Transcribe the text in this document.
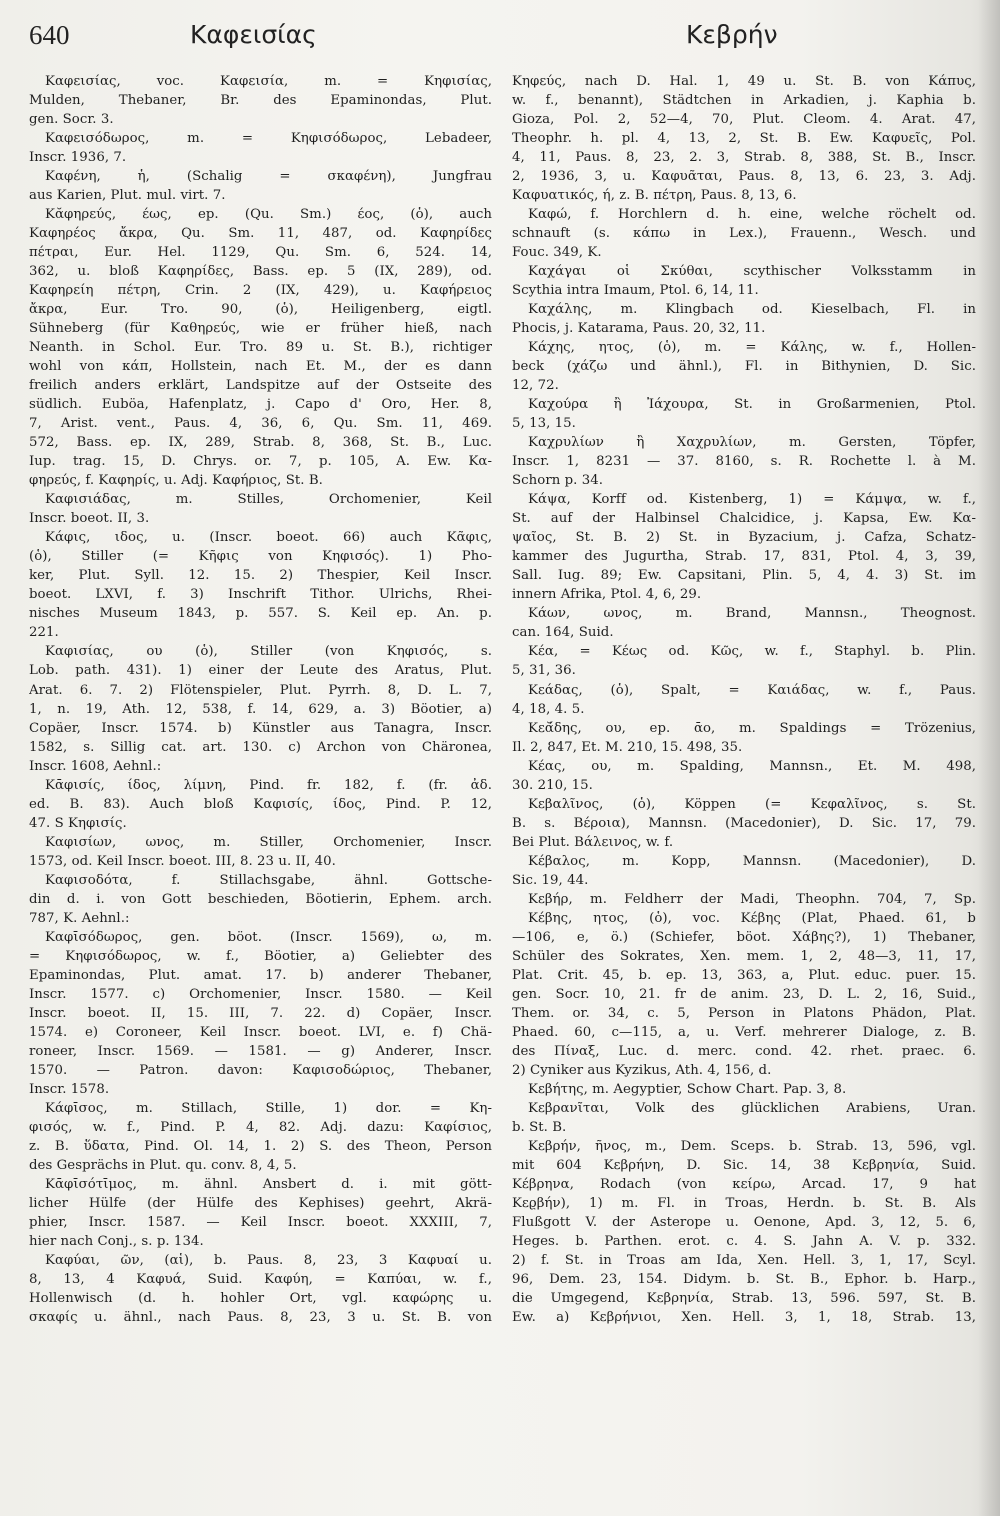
640	Καφεισίας	Κεβρήν
Καφεισίας, voc. Καφεισία, m. = Κηφισίας,
Mulden, Thebaner, Br. des Epaminondas, Plut.
gen. Socr. 3.
Καφεισόδωρος, m. = Κηφισόδωρος, Lebadeer,
Inscr. 1936, 7.
Καφένη, ἡ, (Schalig = σκαφένη), Jungfrau
aus Karien, Plut. mul. virt. 7.
Κᾰφηρεύς, έως, ep. (Qu. Sm.) έος, (ὁ), auch
Καφηρέος ἄκρα, Qu. Sm. 11, 487, od. Καφηρίδες
πέτραι, Eur. Hel. 1129, Qu. Sm. 6, 524. 14,
362, u. bloß Καφηρίδες, Bass. ep. 5 (IX, 289), od.
Καφηρείη πέτρη, Crin. 2 (IX, 429), u. Καφήρειος
ἄκρα, Eur. Tro. 90, (ὁ), Heiligenberg, eigtl.
Sühneberg (für Καθηρεύς, wie er früher hieß, nach
Neanth. in Schol. Eur. Tro. 89 u. St. B.), richtiger
wohl von κάπ, Hollstein, nach Et. M., der es dann
freilich anders erklärt, Landspitze auf der Ostseite des
südlich. Euböa, Hafenplatz, j. Capo d' Oro, Her. 8,
7, Arist. vent., Paus. 4, 36, 6, Qu. Sm. 11, 469.
572, Bass. ep. IX, 289, Strab. 8, 368, St. B., Luc.
Iup. trag. 15, D. Chrys. or. 7, p. 105, A. Ew. Κα-
φηρεύς, f. Καφηρίς, u. Adj. Καφήριος, St. B.
Καφισιάδας, m. Stilles, Orchomenier, Keil
Inscr. boeot. II, 3.
Κάφις, ιδος, u. (Inscr. boeot. 66) auch Κᾶφις,
(ὁ), Stiller (= Κῆφις von Κηφισός). 1) Pho-
ker, Plut. Syll. 12. 15. 2) Thespier, Keil Inscr.
boeot. LXVI, f. 3) Inschrift Tithor. Ulrichs, Rhei-
nisches Museum 1843, p. 557. S. Keil ep. An. p.
221.
Καφισίας, ου (ὁ), Stiller (von Κηφισός, s.
Lob. path. 431). 1) einer der Leute des Aratus, Plut.
Arat. 6. 7. 2) Flötenspieler, Plut. Pyrrh. 8, D. L. 7,
1, n. 19, Ath. 12, 538, f. 14, 629, a. 3) Böotier, a)
Copäer, Inscr. 1574. b) Künstler aus Tanagra, Inscr.
1582, s. Sillig cat. art. 130. c) Archon von Chäronea,
Inscr. 1608, Aehnl.:
Κᾱφισίς, ίδος, λίμνη, Pind. fr. 182, f. (fr. ἀδ.
ed. B. 83). Auch bloß Καφισίς, ίδος, Pind. P. 12,
47. S Κηφισίς.
Καφισίων, ωνος, m. Stiller, Orchomenier, Inscr.
1573, od. Keil Inscr. boeot. III, 8. 23 u. II, 40.
Καφισοδότα, f. Stillachsgabe, ähnl. Gottsche-
din d. i. von Gott beschieden, Böotierin, Ephem. arch.
787, K. Aehnl.:
Καφῑσόδωρος, gen. böot. (Inscr. 1569), ω, m.
= Κηφισόδωρος, w. f., Böotier, a) Geliebter des
Epaminondas, Plut. amat. 17. b) anderer Thebaner,
Inscr. 1577. c) Orchomenier, Inscr. 1580. — Keil
Inscr. boeot. II, 15. III, 7. 22. d) Copäer, Inscr.
1574. e) Coroneer, Keil Inscr. boeot. LVI, e. f) Chä-
roneer, Inscr. 1569. — 1581. — g) Anderer, Inscr.
1570. — Patron. davon: Καφισοδώριος, Thebaner,
Inscr. 1578.
Κάφῑσος, m. Stillach, Stille, 1) dor. = Κη-
φισός, w. f., Pind. P. 4, 82. Adj. dazu: Καφίσιος,
z. B. ὕδατα, Pind. Ol. 14, 1. 2) S. des Theon, Person
des Gesprächs in Plut. qu. conv. 8, 4, 5.
Κᾱφῑσότῑμος, m. ähnl. Ansbert d. i. mit gött-
licher Hülfe (der Hülfe des Kephises) geehrt, Akrä-
phier, Inscr. 1587. — Keil Inscr. boeot. XXXIII, 7,
hier nach Conj., s. p. 134.
Καφύαι, ῶν, (αἱ), b. Paus. 8, 23, 3 Καφυαί u.
8, 13, 4 Καφυά, Suid. Καφύη, = Καπύαι, w. f.,
Hollenwisch (d. h. hohler Ort, vgl. καφώρης u.
σκαφίς u. ähnl., nach Paus. 8, 23, 3 u. St. B. von
Κηφεύς, nach D. Hal. 1, 49 u. St. B. von Κάπυς,
w. f., benannt), Städtchen in Arkadien, j. Kaphia b.
Gioza, Pol. 2, 52—4, 70, Plut. Cleom. 4. Arat. 47,
Theophr. h. pl. 4, 13, 2, St. B. Ew. Καφυεῖς, Pol.
4, 11, Paus. 8, 23, 2. 3, Strab. 8, 388, St. B., Inscr.
2, 1936, 3, u. Καφυᾶται, Paus. 8, 13, 6. 23, 3. Adj.
Καφυατικός, ή, z. B. πέτρη, Paus. 8, 13, 6.
Καφώ, f. Horchlern d. h. eine, welche röchelt od.
schnauft (s. κάπω in Lex.), Frauenn., Wesch. und
Fouc. 349, K.
Καχάγαι οἱ Σκύθαι, scythischer Volksstamm in
Scythia intra Imaum, Ptol. 6, 14, 11.
Καχάλης, m. Klingbach od. Kieselbach, Fl. in
Phocis, j. Katarama, Paus. 20, 32, 11.
Κάχης, ητος, (ὁ), m. = Κάλης, w. f., Hollen-
beck (χάζω und ähnl.), Fl. in Bithynien, D. Sic.
12, 72.
Καχούρα ἢ Ἰάχουρα, St. in Großarmenien, Ptol.
5, 13, 15.
Καχρυλίων ἢ Χαχρυλίων, m. Gersten, Töpfer,
Inscr. 1, 8231 — 37. 8160, s. R. Rochette l. à M.
Schorn p. 34.
Κάψα, Korff od. Kistenberg, 1) = Κάμψα, w. f.,
St. auf der Halbinsel Chalcidice, j. Kapsa, Ew. Κα-
ψαῖος, St. B. 2) St. in Byzacium, j. Cafza, Schatz-
kammer des Jugurtha, Strab. 17, 831, Ptol. 4, 3, 39,
Sall. Iug. 89; Ew. Capsitani, Plin. 5, 4, 4. 3) St. im
innern Afrika, Ptol. 4, 6, 29.
Κάων, ωνος, m. Brand, Mannsn., Theognost.
can. 164, Suid.
Κέα, = Κέως od. Κῶς, w. f., Staphyl. b. Plin.
5, 31, 36.
Κεάδας, (ὁ), Spalt, = Καιάδας, w. f., Paus.
4, 18, 4. 5.
Κεᾰ́δης, ου, ep. ᾱο, m. Spaldings = Trözenius,
Il. 2, 847, Et. M. 210, 15. 498, 35.
Κέας, ου, m. Spalding, Mannsn., Et. M. 498,
30. 210, 15.
Κεβαλῖνος, (ὁ), Köppen (= Κεφαλῖνος, s. St.
B. s. Βέροια), Mannsn. (Macedonier), D. Sic. 17, 79.
Bei Plut. Βάλεινος, w. f.
Κέβαλος, m. Kopp, Mannsn. (Macedonier), D.
Sic. 19, 44.
Κεβήρ, m. Feldherr der Madi, Theophn. 704, 7, Sp.
Κέβης, ητος, (ὁ), voc. Κέβης (Plat, Phaed. 61, b
—106, e, ö.) (Schiefer, böot. Χάβης?), 1) Thebaner,
Schüler des Sokrates, Xen. mem. 1, 2, 48—3, 11, 17,
Plat. Crit. 45, b. ep. 13, 363, a, Plut. educ. puer. 15.
gen. Socr. 10, 21. fr de anim. 23, D. L. 2, 16, Suid.,
Them. or. 34, c. 5, Person in Platons Phädon, Plat.
Phaed. 60, c—115, a, u. Verf. mehrerer Dialoge, z. B.
des Πίναξ, Luc. d. merc. cond. 42. rhet. praec. 6.
2) Cyniker aus Kyzikus, Ath. 4, 156, d.
Κεβήτης, m. Aegyptier, Schow Chart. Pap. 3, 8.
Κεβρανῖται, Volk des glücklichen Arabiens, Uran.
b. St. B.
Κεβρήν, ῆνος, m., Dem. Sceps. b. Strab. 13, 596, vgl.
mit 604 Κεβρήνη, D. Sic. 14, 38 Κεβρηνία, Suid.
Κέβρηνα, Rodach (von κείρω, Arcad. 17, 9 hat
Κεϱβήν), 1) m. Fl. in Troas, Herdn. b. St. B. Als
Flußgott V. der Asterope u. Oenone, Apd. 3, 12, 5. 6,
Heges. b. Parthen. erot. c. 4. S. Jahn A. V. p. 332.
2) f. St. in Troas am Ida, Xen. Hell. 3, 1, 17, Scyl.
96, Dem. 23, 154. Didym. b. St. B., Ephor. b. Harp.,
die Umgegend, Κεβρηνία, Strab. 13, 596. 597, St. B.
Ew. a) Κεβρήνιοι, Xen. Hell. 3, 1, 18, Strab. 13,
